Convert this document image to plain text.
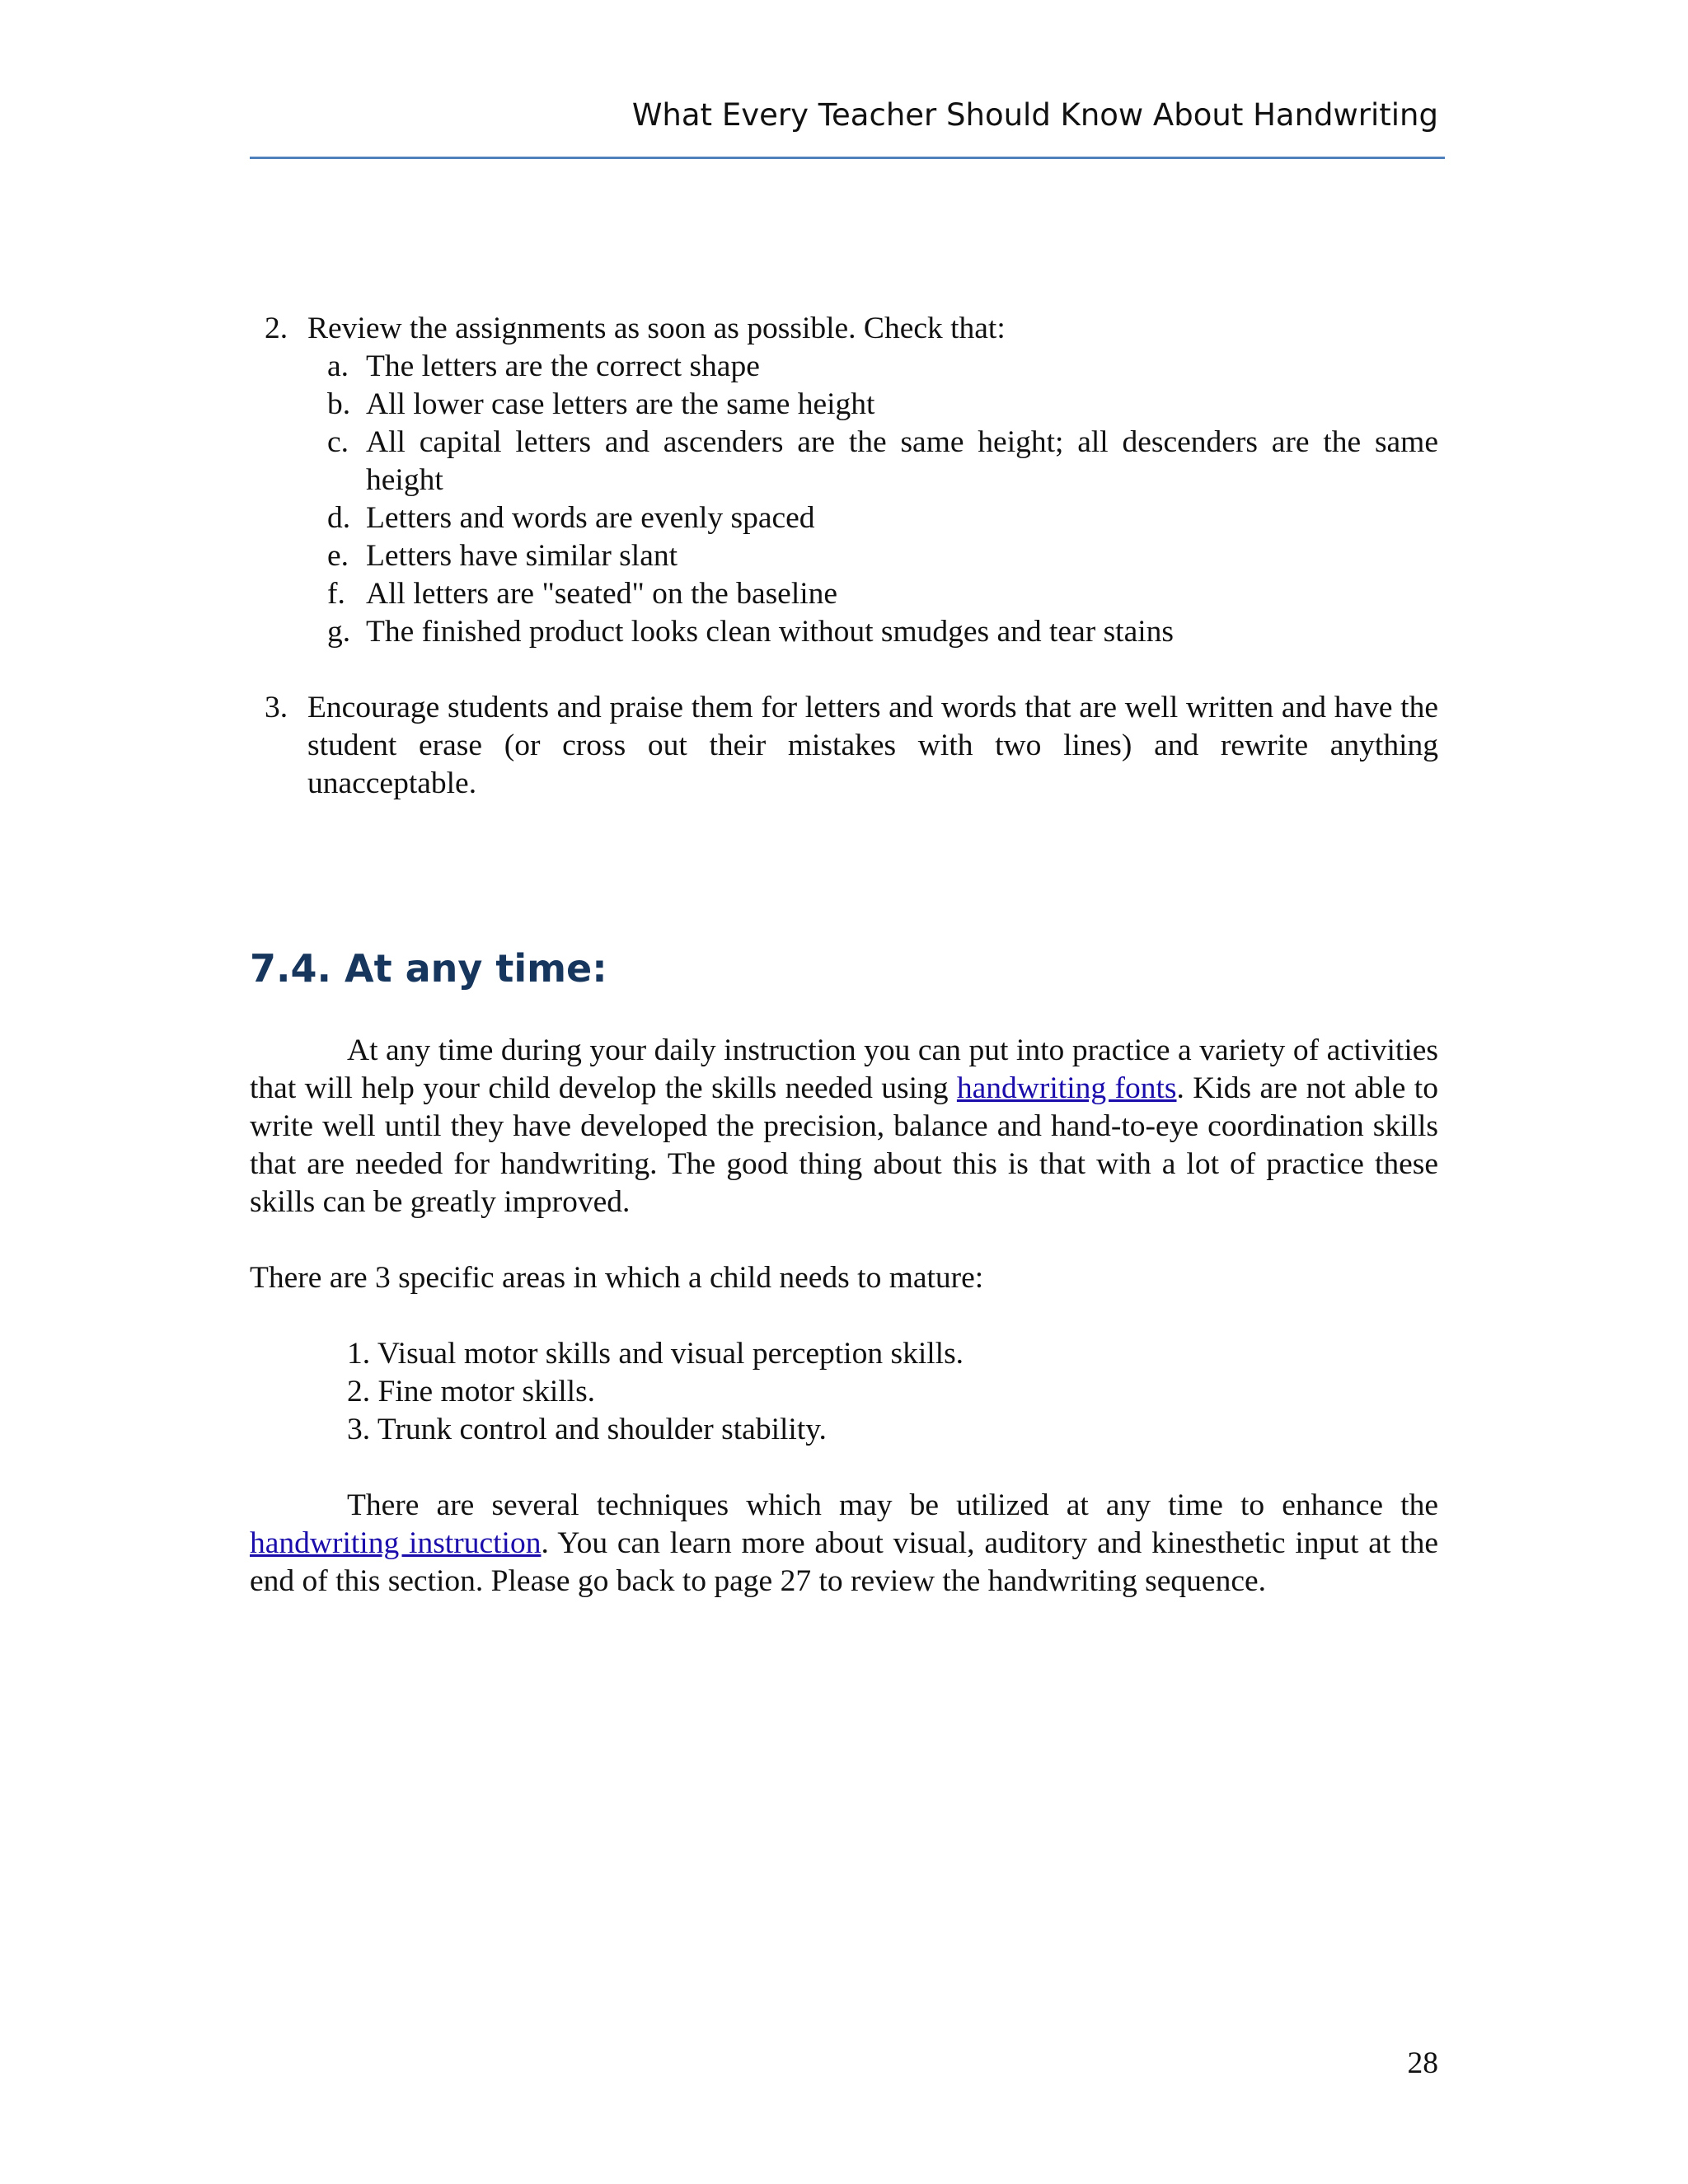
What Every Teacher Should Know About Handwriting
2. Review the assignments as soon as possible. Check that:
a. The letters are the correct shape
b. All lower case letters are the same height
c. All capital letters and ascenders are the same height; all descenders are the same height
d. Letters and words are evenly spaced
e. Letters have similar slant
f. All letters are "seated" on the baseline
g. The finished product looks clean without smudges and tear stains
3. Encourage students and praise them for letters and words that are well written and have the student erase (or cross out their mistakes with two lines) and rewrite anything unacceptable.
7.4. At any time:

At any time during your daily instruction you can put into practice a variety of activities that will help your child develop the skills needed using handwriting fonts. Kids are not able to write well until they have developed the precision, balance and hand-to-eye coordination skills that are needed for handwriting. The good thing about this is that with a lot of practice these skills can be greatly improved.

There are 3 specific areas in which a child needs to mature:

1. Visual motor skills and visual perception skills.
2. Fine motor skills.
3. Trunk control and shoulder stability.

There are several techniques which may be utilized at any time to enhance the handwriting instruction. You can learn more about visual, auditory and kinesthetic input at the end of this section. Please go back to page 27 to review the handwriting sequence.

28
